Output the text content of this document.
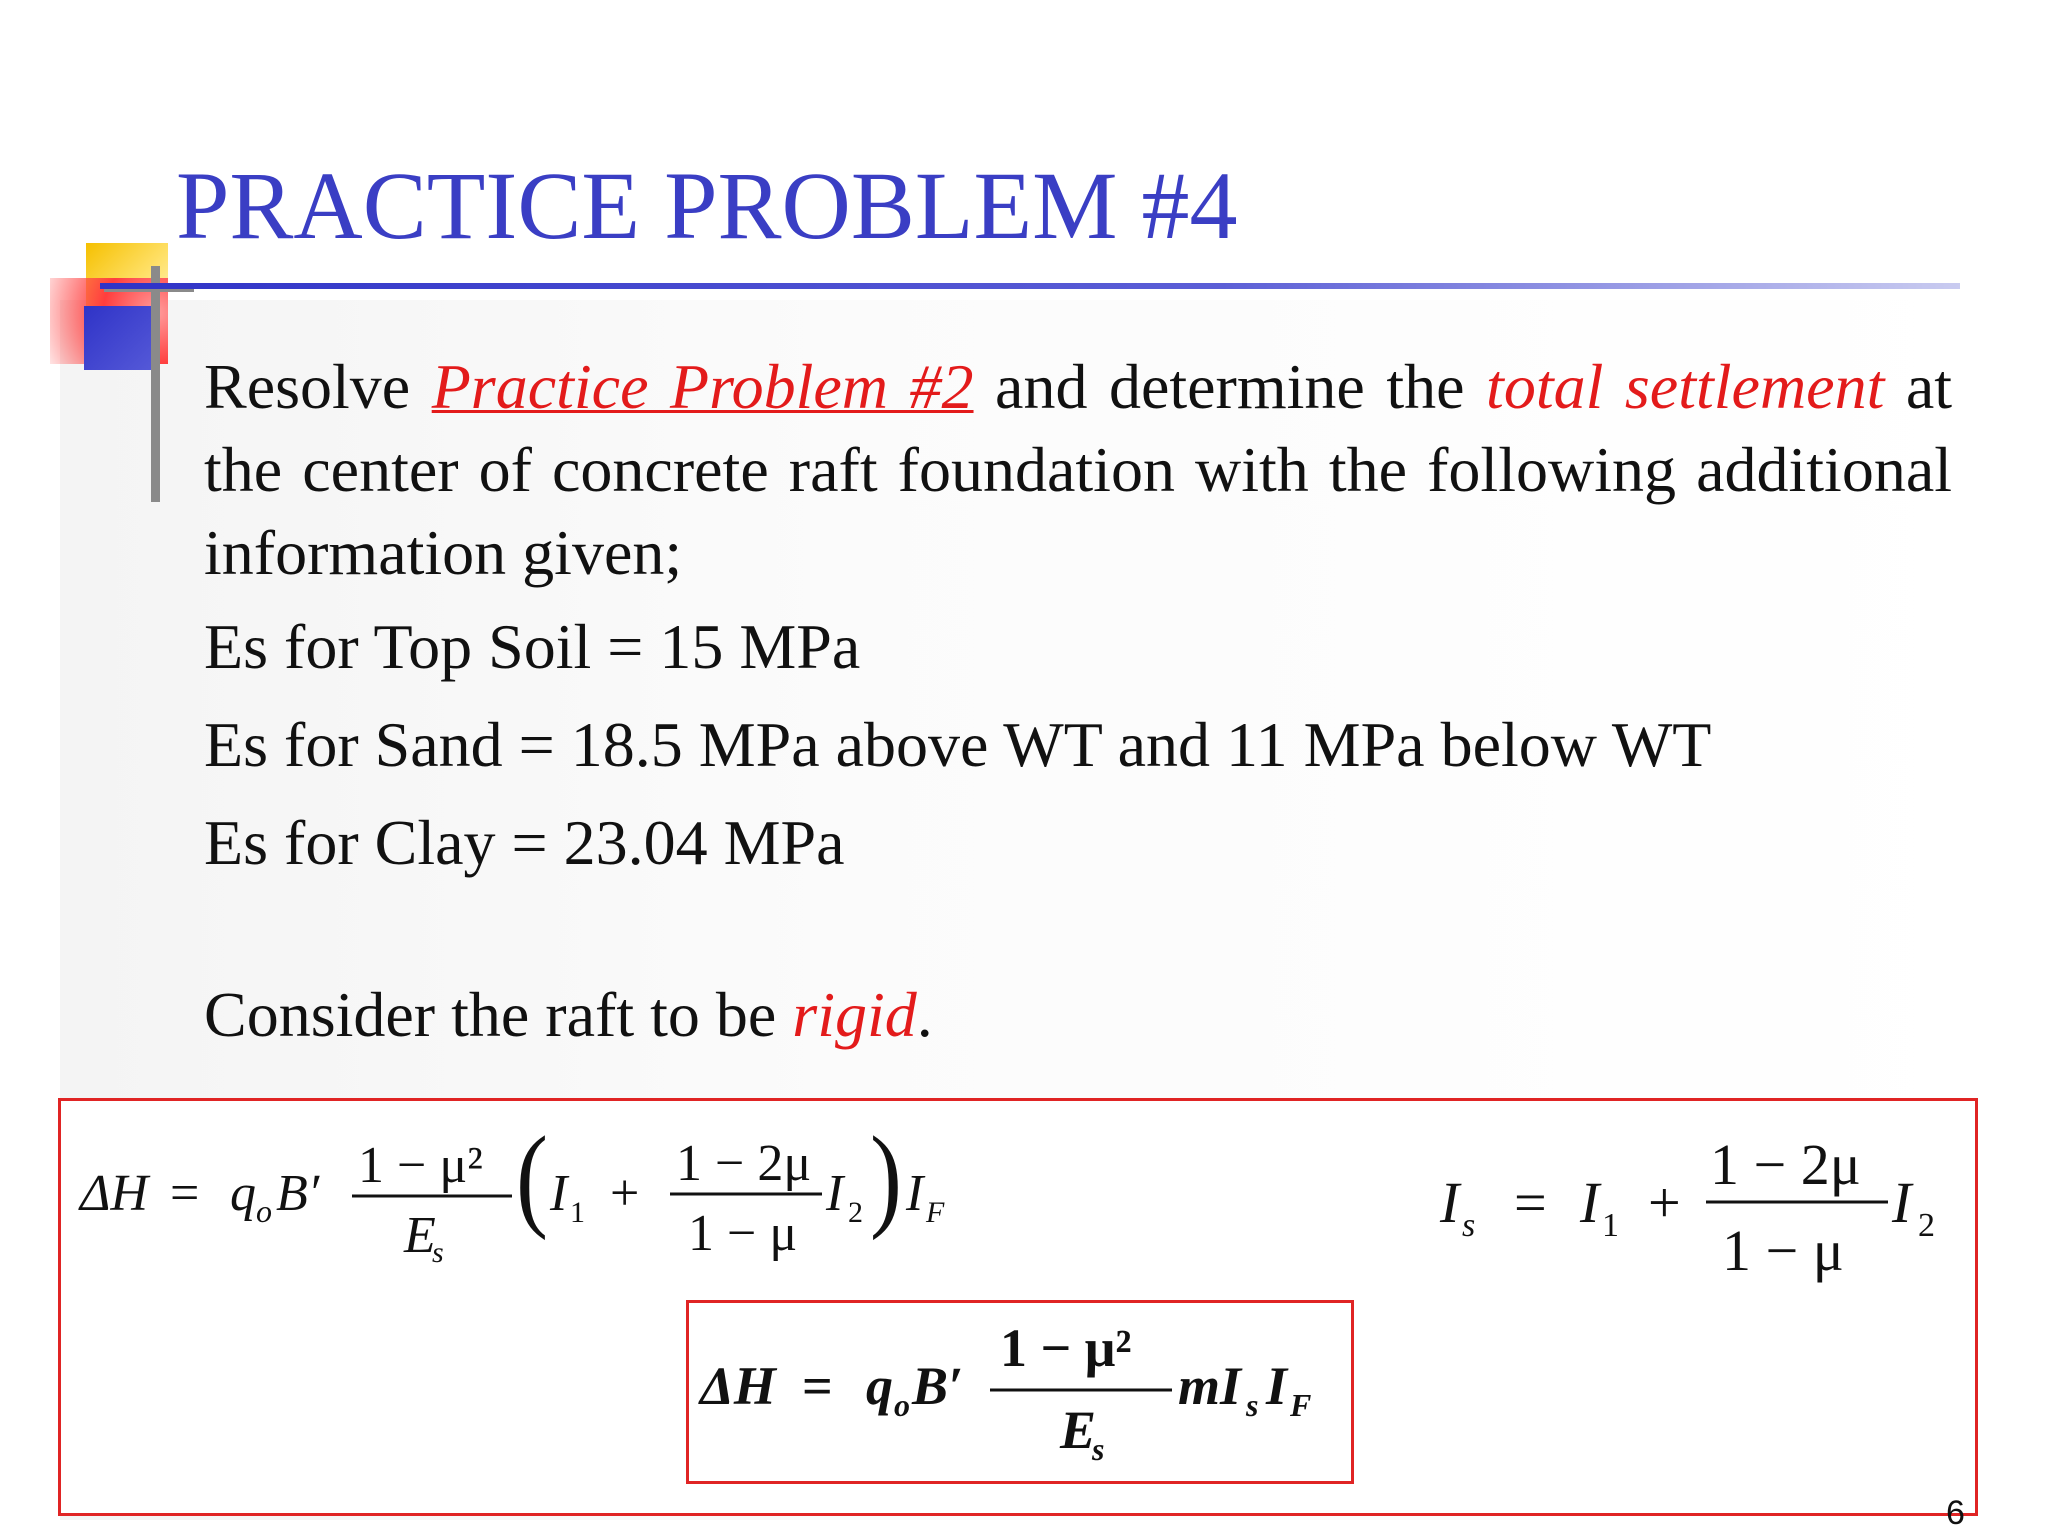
PRACTICE PROBLEM #4

Resolve Practice Problem #2 and determine the total settlement at the center of concrete raft foundation with the following additional information given;

Es for Top Soil = 15 MPa

Es for Sand = 18.5 MPa above WT and 11 MPa below WT

Es for Clay = 23.04 MPa

Consider the raft to be rigid.

ΔH = q o B′ 1 − μ²
E
s
( I 1 +
1 − 2μ
1 − μ
I 2 ) I F	I s = I 1 +
1 − 2μ
1 − μ
I 2
ΔH = q o B′
1 − μ²
E
s
mI s I F
6
